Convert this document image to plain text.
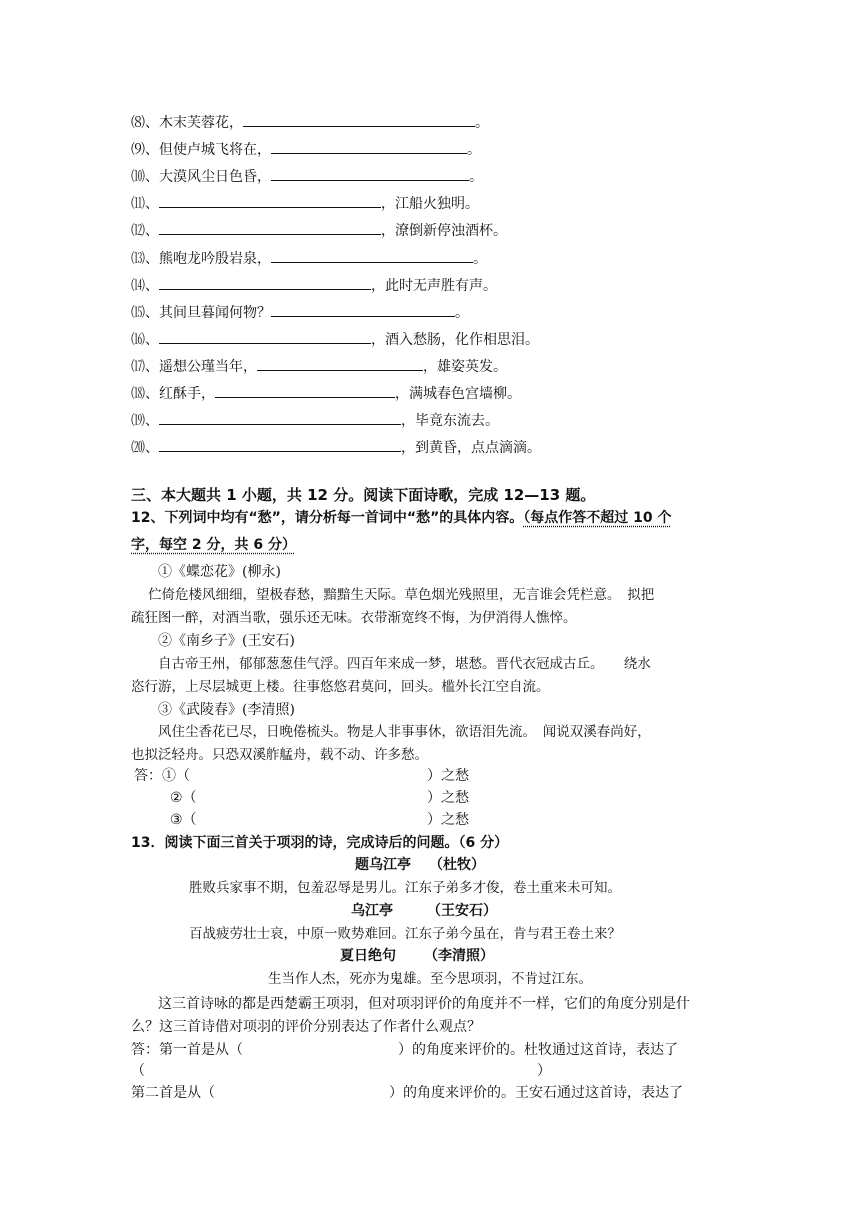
⑻、木末芙蓉花，	。
⑼、但使卢城飞将在，	。
⑽、大漠风尘日色昏，	。
⑾、	，江船火独明。
⑿、	，潦倒新停浊酒杯。
⒀、熊咆龙吟殷岩泉，	。
⒁、	，此时无声胜有声。
⒂、其间旦暮闻何物？	。
⒃、	，酒入愁肠，化作相思泪。
⒄、遥想公瑾当年，	，雄姿英发。
⒅、红酥手，	，满城春色宫墙柳。
⒆、	，毕竟东流去。
⒇、	，到黄昏，点点滴滴。
三、本大题共 1 小题，共 12 分。阅读下面诗歌，完成 12—13 题。
12、下列词中均有“愁”，请分析每一首词中“愁”的具体内容。（每点作答不超过 10 个
字，每空 2 分，共 6 分）
①《蝶恋花》(柳永)
伫倚危楼风细细，望极春愁，黯黯生天际。草色烟光残照里，无言谁会凭栏意。　拟把
疏狂图一醉，对酒当歌，强乐还无味。衣带渐宽终不悔，为伊消得人憔悴。
②《南乡子》(王安石)
自古帝王州，郁郁葱葱佳气浮。四百年来成一梦，堪愁。晋代衣冠成古丘。　　绕水
恣行游，上尽层城更上楼。往事悠悠君莫问，回头。槛外长江空自流。
③《武陵春》(李清照)
风住尘香花已尽，日晚倦梳头。物是人非事事休，欲语泪先流。　闻说双溪春尚好，
也拟泛轻舟。只恐双溪舴艋舟，载不动、许多愁。
答：①（	）之愁
②（	）之愁
③（	）之愁
13．阅读下面三首关于项羽的诗，完成诗后的问题。（6 分）
题乌江亭 （杜牧）
胜败兵家事不期，包羞忍辱是男儿。江东子弟多才俊，卷土重来未可知。
乌江亭 （王安石）
百战疲劳壮士哀，中原一败势难回。江东子弟今虽在，肯与君王卷土来？
夏日绝句 （李清照）
生当作人杰，死亦为鬼雄。至今思项羽，不肯过江东。
这三首诗咏的都是西楚霸王项羽，但对项羽评价的角度并不一样，它们的角度分别是什
么？这三首诗借对项羽的评价分别表达了作者什么观点？
答：第一首是从（	）的角度来评价的。杜牧通过这首诗，表达了
（	）
第二首是从（	）的角度来评价的。王安石通过这首诗，表达了
